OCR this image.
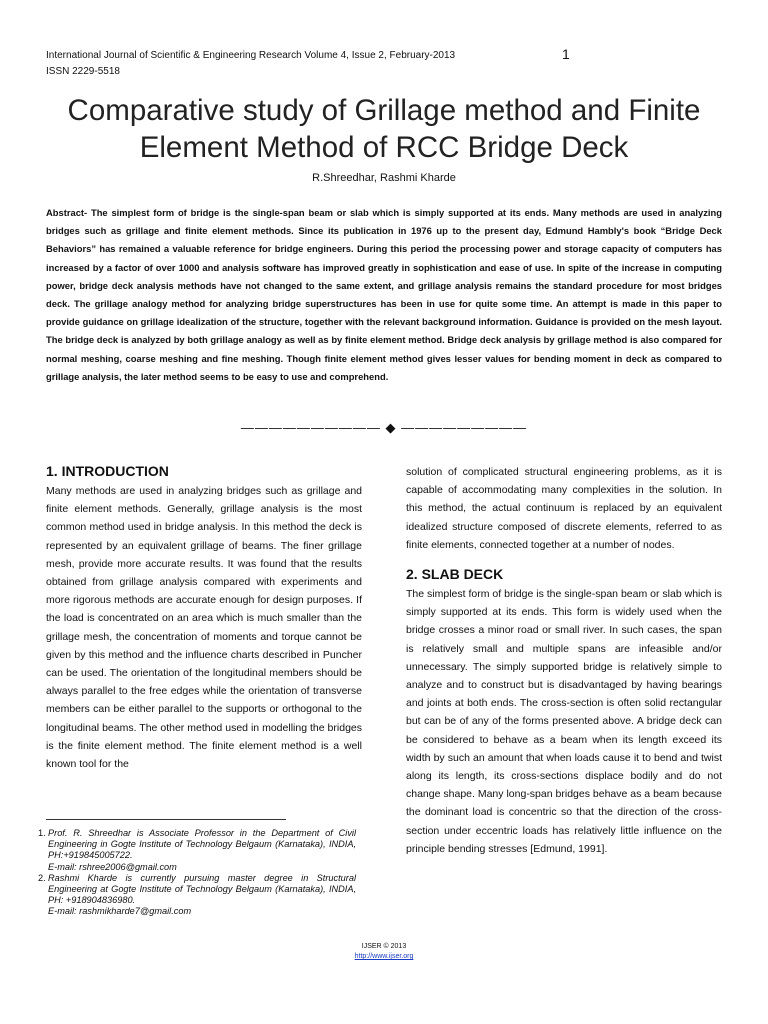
International Journal of Scientific & Engineering Research Volume 4, Issue 2, February-2013
ISSN 2229-5518
1
Comparative study of Grillage method and Finite Element Method of RCC Bridge Deck
R.Shreedhar, Rashmi Kharde
Abstract- The simplest form of bridge is the single-span beam or slab which is simply supported at its ends. Many methods are used in analyzing bridges such as grillage and finite element methods. Since its publication in 1976 up to the present day, Edmund Hambly's book “Bridge Deck Behaviors” has remained a valuable reference for bridge engineers. During this period the processing power and storage capacity of computers has increased by a factor of over 1000 and analysis software has improved greatly in sophistication and ease of use. In spite of the increase in computing power, bridge deck analysis methods have not changed to the same extent, and grillage analysis remains the standard procedure for most bridges deck. The grillage analogy method for analyzing bridge superstructures has been in use for quite some time. An attempt is made in this paper to provide guidance on grillage idealization of the structure, together with the relevant background information. Guidance is provided on the mesh layout. The bridge deck is analyzed by both grillage analogy as well as by finite element method. Bridge deck analysis by grillage method is also compared for normal meshing, coarse meshing and fine meshing. Though finite element method gives lesser values for bending moment in deck as compared to grillage analysis, the later method seems to be easy to use and comprehend.
—————————— ◆ —————————
1. INTRODUCTION

Many methods are used in analyzing bridges such as grillage and finite element methods. Generally, grillage analysis is the most common method used in bridge analysis. In this method the deck is represented by an equivalent grillage of beams. The finer grillage mesh, provide more accurate results. It was found that the results obtained from grillage analysis compared with experiments and more rigorous methods are accurate enough for design purposes. If the load is concentrated on an area which is much smaller than the grillage mesh, the concentration of moments and torque cannot be given by this method and the influence charts described in Puncher can be used. The orientation of the longitudinal members should be always parallel to the free edges while the orientation of transverse members can be either parallel to the supports or orthogonal to the longitudinal beams. The other method used in modelling the bridges is the finite element method. The finite element method is a well known tool for the

solution of complicated structural engineering problems, as it is capable of accommodating many complexities in the solution. In this method, the actual continuum is replaced by an equivalent idealized structure composed of discrete elements, referred to as finite elements, connected together at a number of nodes.

2. SLAB DECK

The simplest form of bridge is the single-span beam or slab which is simply supported at its ends. This form is widely used when the bridge crosses a minor road or small river. In such cases, the span is relatively small and multiple spans are infeasible and/or unnecessary. The simply supported bridge is relatively simple to analyze and to construct but is disadvantaged by having bearings and joints at both ends. The cross-section is often solid rectangular but can be of any of the forms presented above. A bridge deck can be considered to behave as a beam when its length exceed its width by such an amount that when loads cause it to bend and twist along its length, its cross-sections displace bodily and do not change shape. Many long-span bridges behave as a beam because the dominant load is concentric so that the direction of the cross-section under eccentric loads has relatively little influence on the principle bending stresses [Edmund, 1991].

1. Prof. R. Shreedhar is Associate Professor in the Department of Civil Engineering in Gogte Institute of Technology Belgaum (Karnataka), INDIA, PH:+919845005722.
E-mail: rshree2006@gmail.com
2. Rashmi Kharde is currently pursuing master degree in Structural Engineering at Gogte Institute of Technology Belgaum (Karnataka), INDIA, PH: +918904836980.
E-mail: rashmikharde7@gmail.com
IJSER © 2013
http://www.ijser.org
